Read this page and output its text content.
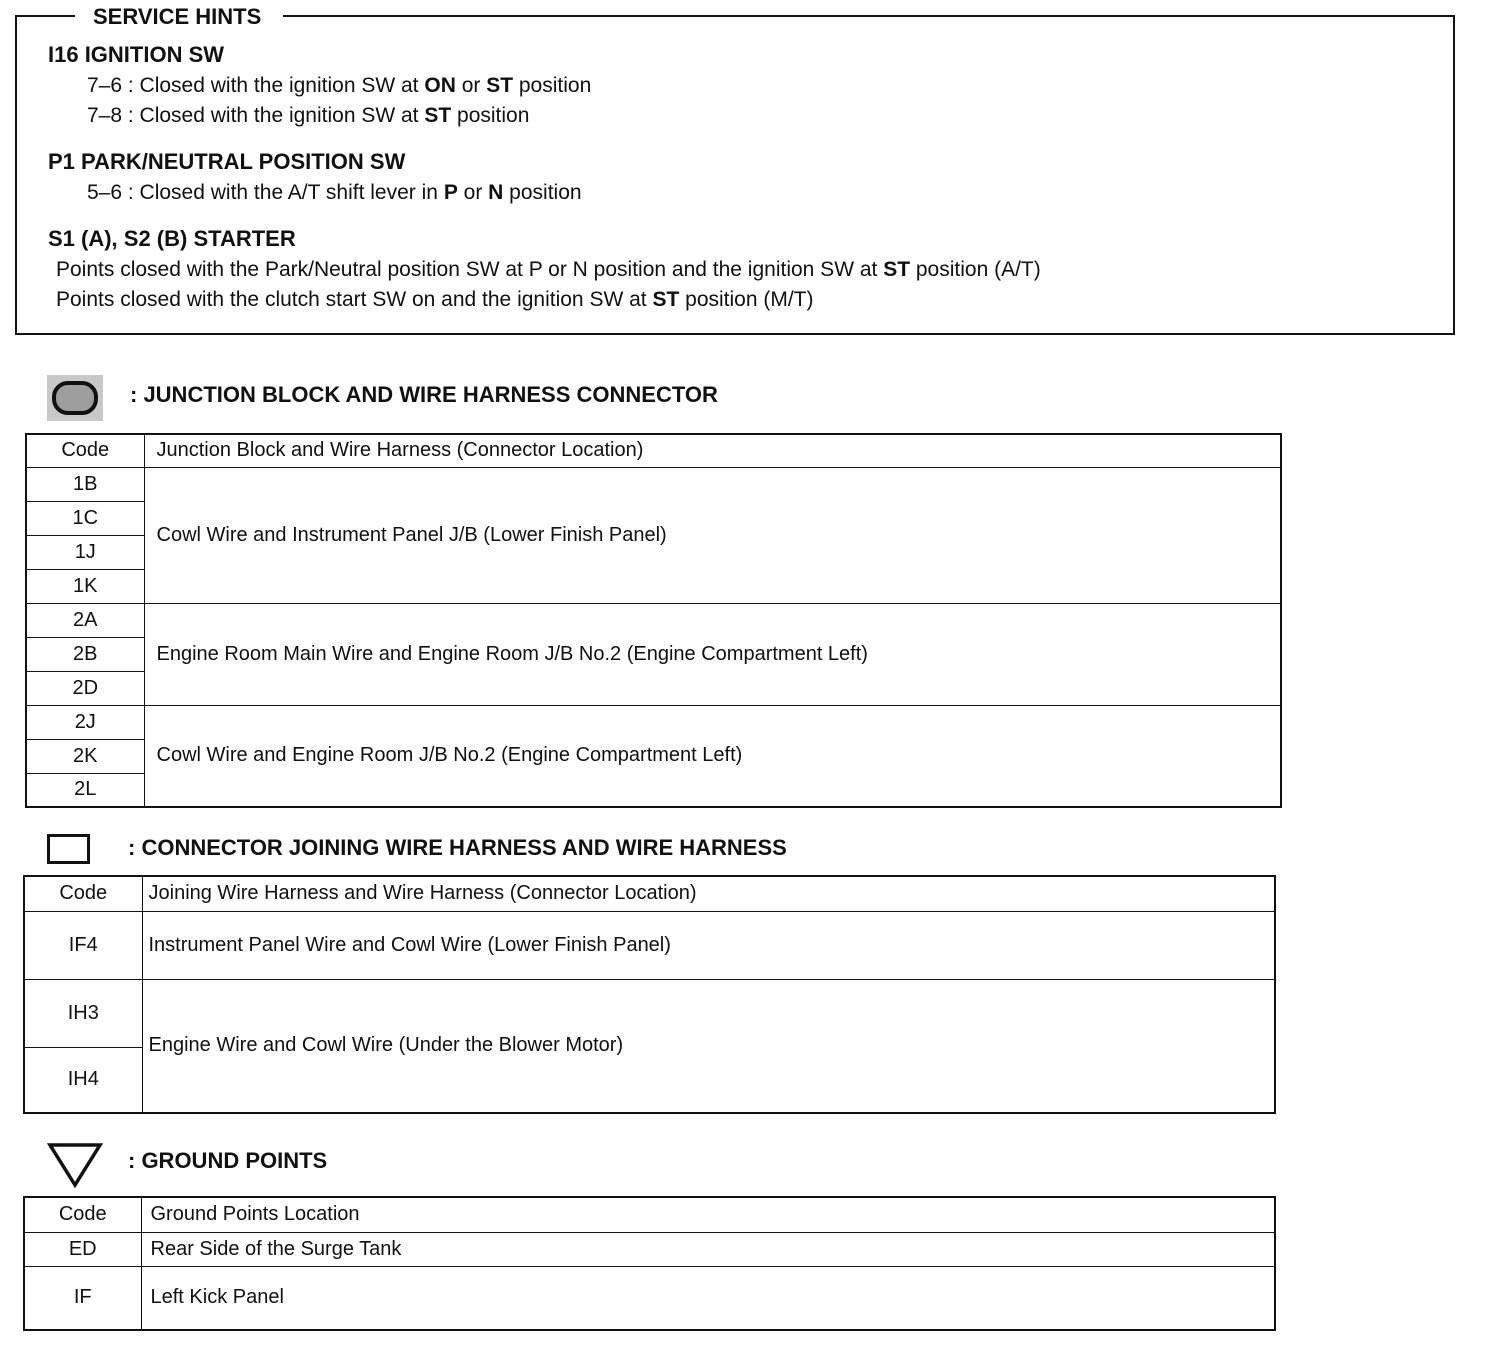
SERVICE HINTS
I16 IGNITION SW
7–6 : Closed with the ignition SW at ON or ST position
7–8 : Closed with the ignition SW at ST position
P1 PARK/NEUTRAL POSITION SW
5–6 : Closed with the A/T shift lever in P or N position
S1 (A), S2 (B) STARTER
Points closed with the Park/Neutral position SW at P or N position and the ignition SW at ST position (A/T)
Points closed with the clutch start SW on and the ignition SW at ST position (M/T)
: JUNCTION BLOCK AND WIRE HARNESS CONNECTOR
Code	Junction Block and Wire Harness (Connector Location)
1B	Cowl Wire and Instrument Panel J/B (Lower Finish Panel)
1C	
1J	
1K	
2A	Engine Room Main Wire and Engine Room J/B No.2 (Engine Compartment Left)
2B	
2D	
2J	Cowl Wire and Engine Room J/B No.2 (Engine Compartment Left)
2K	
2L	
: CONNECTOR JOINING WIRE HARNESS AND WIRE HARNESS
Code	Joining Wire Harness and Wire Harness (Connector Location)
IF4	Instrument Panel Wire and Cowl Wire (Lower Finish Panel)
IH3	Engine Wire and Cowl Wire (Under the Blower Motor)
IH4	
: GROUND POINTS
Code	Ground Points Location
ED	Rear Side of the Surge Tank
IF	Left Kick Panel
